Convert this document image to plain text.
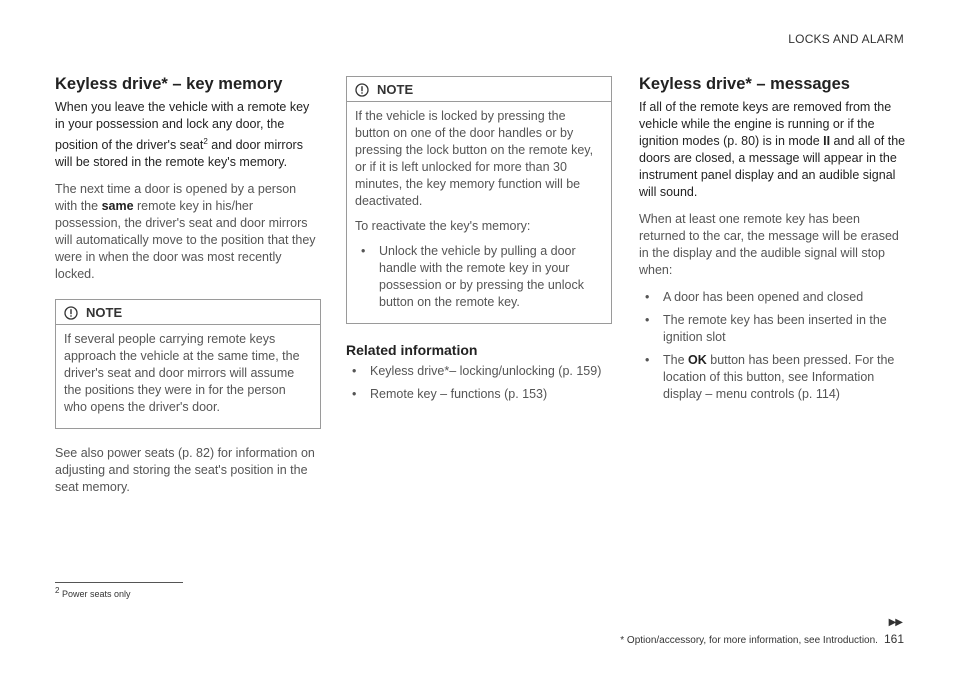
LOCKS AND ALARM
Keyless drive* – key memory

When you leave the vehicle with a remote key in your possession and lock any door, the position of the driver's seat$^2$ and door mirrors will be stored in the remote key's memory.

The next time a door is opened by a person with the same remote key in his/her possession, the driver's seat and door mirrors will automatically move to the position that they were in when the door was most recently locked.

NOTE

If several people carrying remote keys approach the vehicle at the same time, the driver's seat and door mirrors will assume the positions they were in for the person who opens the driver's door.

See also power seats (p. 82) for information on adjusting and storing the seat's position in the seat memory.

NOTE

If the vehicle is locked by pressing the button on one of the door handles or by pressing the lock button on the remote key, or if it is left unlocked for more than 30 minutes, the key memory function will be deactivated.

To reactivate the key's memory:

• Unlock the vehicle by pulling a door handle with the remote key in your possession or by pressing the unlock button on the remote key.
Related information
• Keyless drive*– locking/unlocking (p. 159)
• Remote key – functions (p. 153)
Keyless drive* – messages

If all of the remote keys are removed from the vehicle while the engine is running or if the ignition modes (p. 80) is in mode II and all of the doors are closed, a message will appear in the instrument panel display and an audible signal will sound.

When at least one remote key has been returned to the car, the message will be erased in the display and the audible signal will stop when:

• A door has been opened and closed
• The remote key has been inserted in the ignition slot
• The OK button has been pressed. For the location of this button, see Information display – menu controls (p. 114)
$^2$ Power seats only
▶▶
* Option/accessory, for more information, see Introduction. 161
